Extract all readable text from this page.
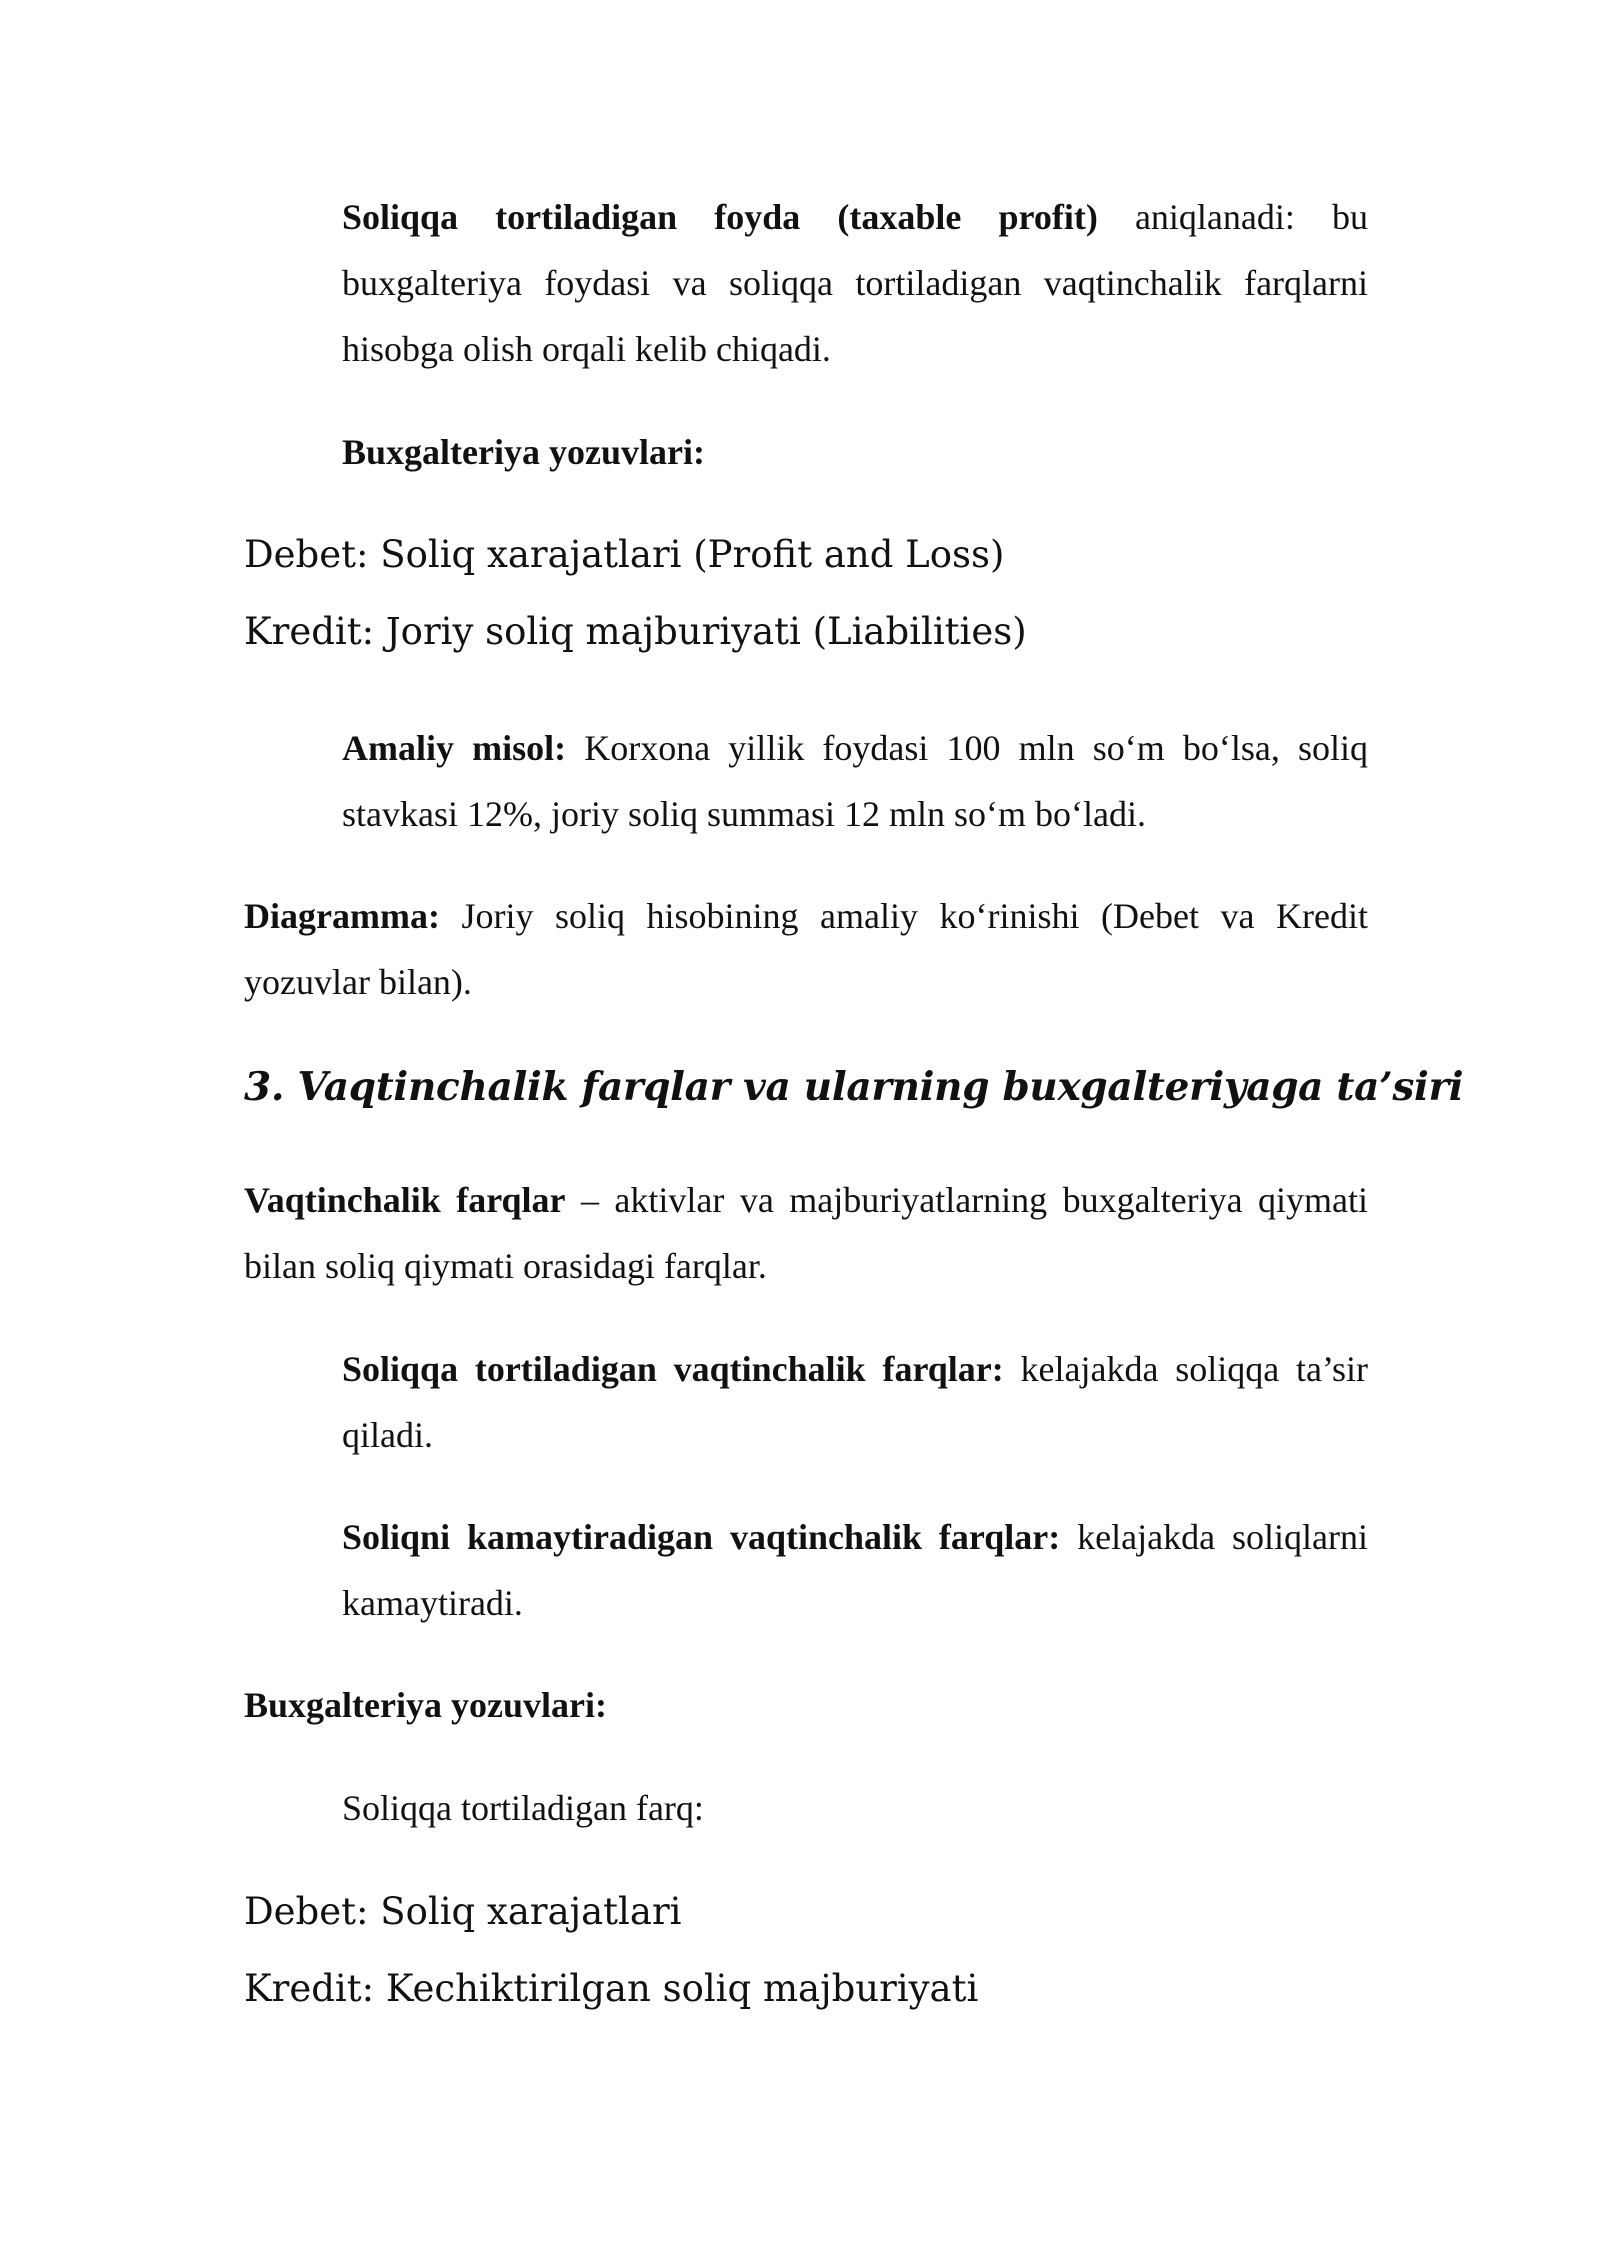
Soliqqa tortiladigan foyda (taxable profit) aniqlanadi: bu buxgalteriya foydasi va soliqqa tortiladigan vaqtinchalik farqlarni hisobga olish orqali kelib chiqadi.

Buxgalteriya yozuvlari:

Debet: Soliq xarajatlari (Profit and Loss)

Kredit: Joriy soliq majburiyati (Liabilities)

Amaliy misol: Korxona yillik foydasi 100 mln so‘m bo‘lsa, soliq stavkasi 12%, joriy soliq summasi 12 mln so‘m bo‘ladi.

Diagramma: Joriy soliq hisobining amaliy ko‘rinishi (Debet va Kredit yozuvlar bilan).

3. Vaqtinchalik farqlar va ularning buxgalteriyaga ta’siri

Vaqtinchalik farqlar – aktivlar va majburiyatlarning buxgalteriya qiymati bilan soliq qiymati orasidagi farqlar.

Soliqqa tortiladigan vaqtinchalik farqlar: kelajakda soliqqa ta’sir qiladi.

Soliqni kamaytiradigan vaqtinchalik farqlar: kelajakda soliqlarni kamaytiradi.

Buxgalteriya yozuvlari:

Soliqqa tortiladigan farq:

Debet: Soliq xarajatlari

Kredit: Kechiktirilgan soliq majburiyati
